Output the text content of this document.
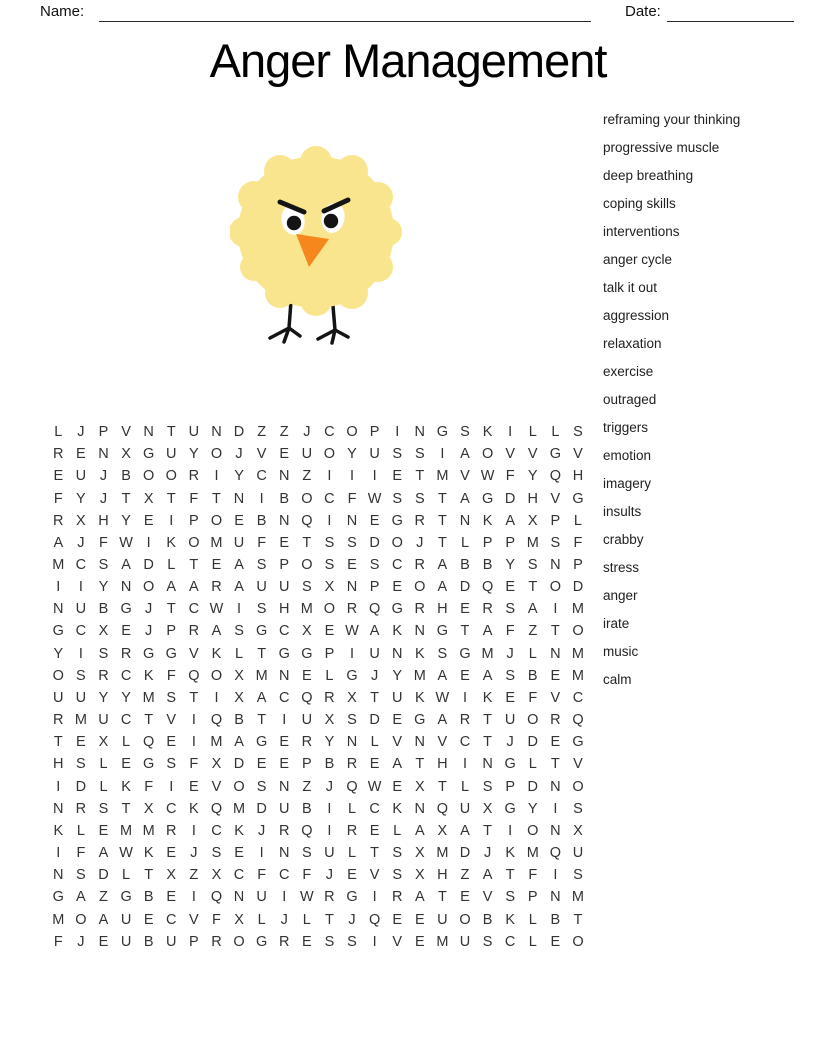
Name:	Date:
Anger Management
reframing your thinking
progressive muscle
deep breathing
coping skills
interventions
anger cycle
talk it out
aggression
relaxation
exercise
outraged
triggers
emotion
imagery
insults
crabby
stress
anger
irate
music
calm
L	J P V N T U N D Z Z	J C O P	I	N G S K	I	L	L S
R E N X G U Y O J V E U O Y U S S	I	A O V V G V
E U J B O O R	I	Y C N Z	I	I	I	E T M V W F Y Q H
F Y J	T X T F T N	I	B O C F W S S T A G D H V G
R X H Y E	I	P O E B N Q	I	N E G R T N K A X P L
A J	F W I	K O M U F E T S S D O J	T L P P M S F
M C S A D L T E A S P O S E S C R A B B Y S N P
I	I	Y N O A A R A U U S X N P E O A D Q E T O D
N U B G J	T C W I	S H M O R Q G R H E R S A	I	M
G C X E J P R A S G C X E W A K N G T A F Z T O
Y	I	S R G G V K L T G G P	I	U N K S G M J	L N M
O S R C K F Q O X M N E L G J Y M A E A S B E M
U U Y Y M S T	I	X A C Q R X T U K W I	K E F V C
R M U C T V	I	Q B T	I	U X S D E G A R T U O R Q
T E X L Q E	I	M A G E R Y N L V N V C T	J D E G
H S L E G S F X D E E P B R E A T H	I	N G L T V
I	D L K F	I	E V O S N Z	J Q W E X T L S P D N O
N R S T X C K Q M D U B	I	L C K N Q U X G Y	I	S
K L E M M R	I	C K J R Q	I	R E L A X A T	I	O N X
I	F A W K E J S E	I	N S U L T S X M D J K M Q U
N S D L T X Z X C F C F	J E V S X H Z A T F	I	S
G A Z G B E	I	Q N U	I W R G	I	R A T E V S P N M
M O A U E C V F X L	J	L T	J Q E E U O B K L B T
F	J E U B U P R O G R E S S	I	V E M U S C L E O
